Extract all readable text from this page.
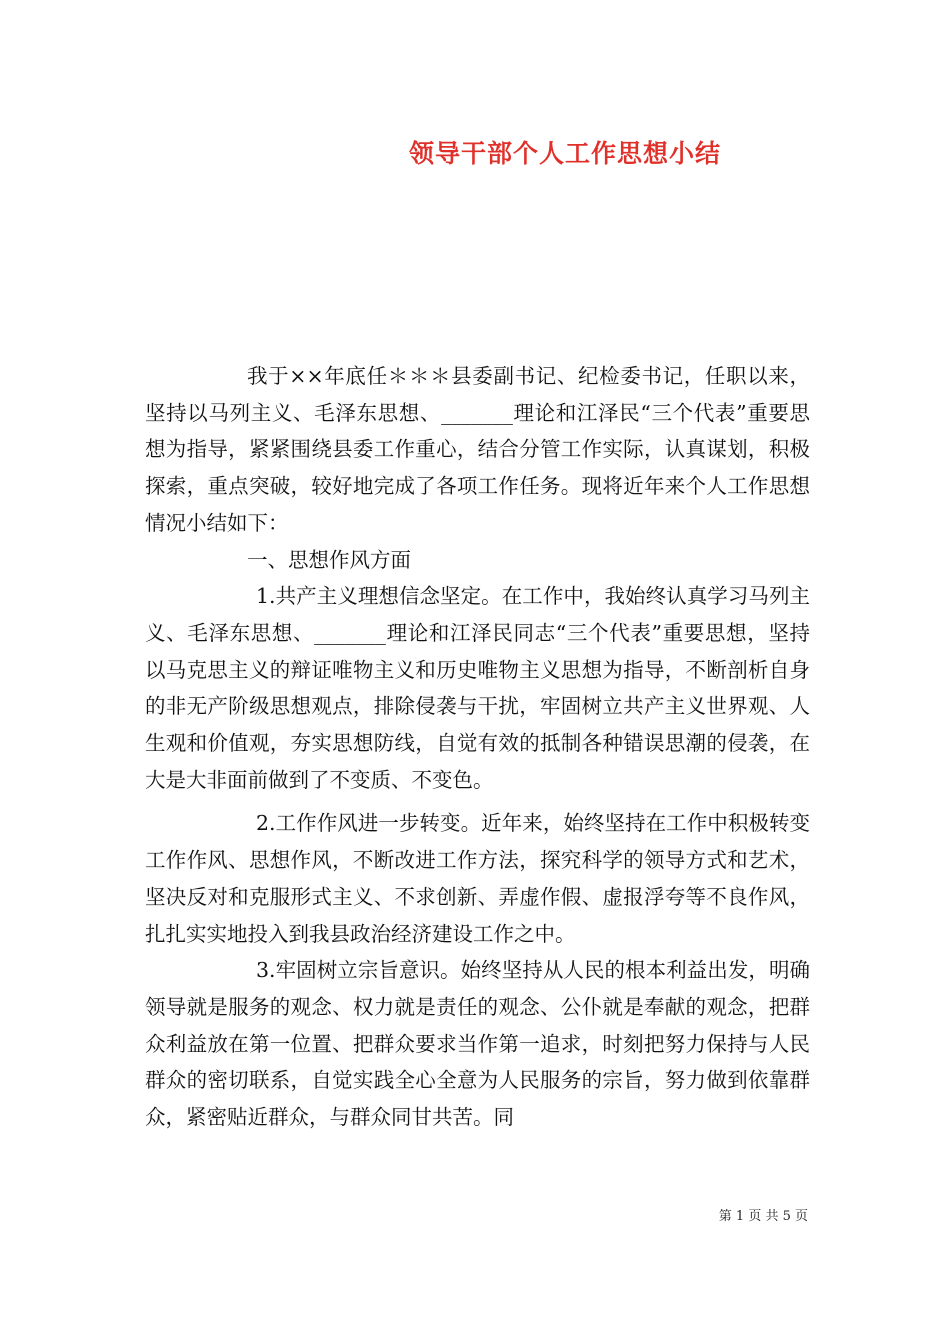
领导干部个人工作思想小结

我于××年底任＊＊＊县委副书记、纪检委书记，任职以来，坚持以马列主义、毛泽东思想、_______理论和江泽民“三个代表”重要思想为指导，紧紧围绕县委工作重心，结合分管工作实际，认真谋划，积极探索，重点突破，较好地完成了各项工作任务。现将近年来个人工作思想情况小结如下：

一、思想作风方面

1.共产主义理想信念坚定。在工作中，我始终认真学习马列主义、毛泽东思想、_______理论和江泽民同志“三个代表”重要思想，坚持以马克思主义的辩证唯物主义和历史唯物主义思想为指导，不断剖析自身的非无产阶级思想观点，排除侵袭与干扰，牢固树立共产主义世界观、人生观和价值观，夯实思想防线，自觉有效的抵制各种错误思潮的侵袭，在大是大非面前做到了不变质、不变色。

2.工作作风进一步转变。近年来，始终坚持在工作中积极转变工作作风、思想作风，不断改进工作方法，探究科学的领导方式和艺术，坚决反对和克服形式主义、不求创新、弄虚作假、虚报浮夸等不良作风，扎扎实实地投入到我县政治经济建设工作之中。

3.牢固树立宗旨意识。始终坚持从人民的根本利益出发，明确领导就是服务的观念、权力就是责任的观念、公仆就是奉献的观念，把群众利益放在第一位置、把群众要求当作第一追求，时刻把努力保持与人民群众的密切联系，自觉实践全心全意为人民服务的宗旨，努力做到依靠群众，紧密贴近群众，与群众同甘共苦。同

第 1 页 共 5 页
